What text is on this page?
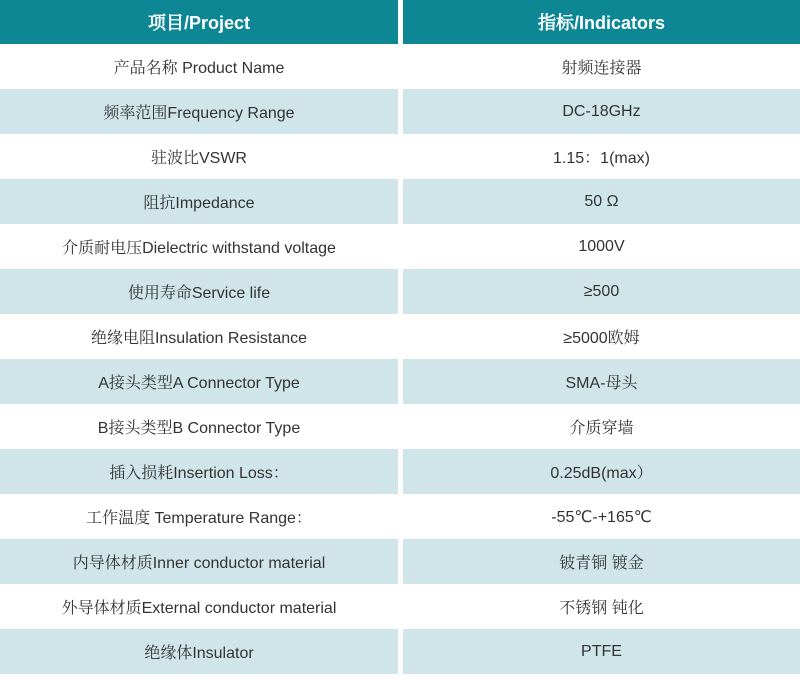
项目/Project	指标/Indicators
产品名称 Product Name	射频连接器
频率范围Frequency Range	DC-18GHz
驻波比VSWR	1.15：1(max)
阻抗Impedance	50 Ω
介质耐电压Dielectric withstand voltage	1000V
使用寿命Service life	≥500
绝缘电阻Insulation Resistance	≥5000欧姆
A接头类型A Connector Type	SMA-母头
B接头类型B Connector Type	介质穿墙
插入损耗Insertion Loss：	0.25dB(max）
工作温度 Temperature Range：	-55℃-+165℃
内导体材质Inner conductor material	铍青铜 镀金
外导体材质External conductor material	不锈钢 钝化
绝缘体Insulator	PTFE
